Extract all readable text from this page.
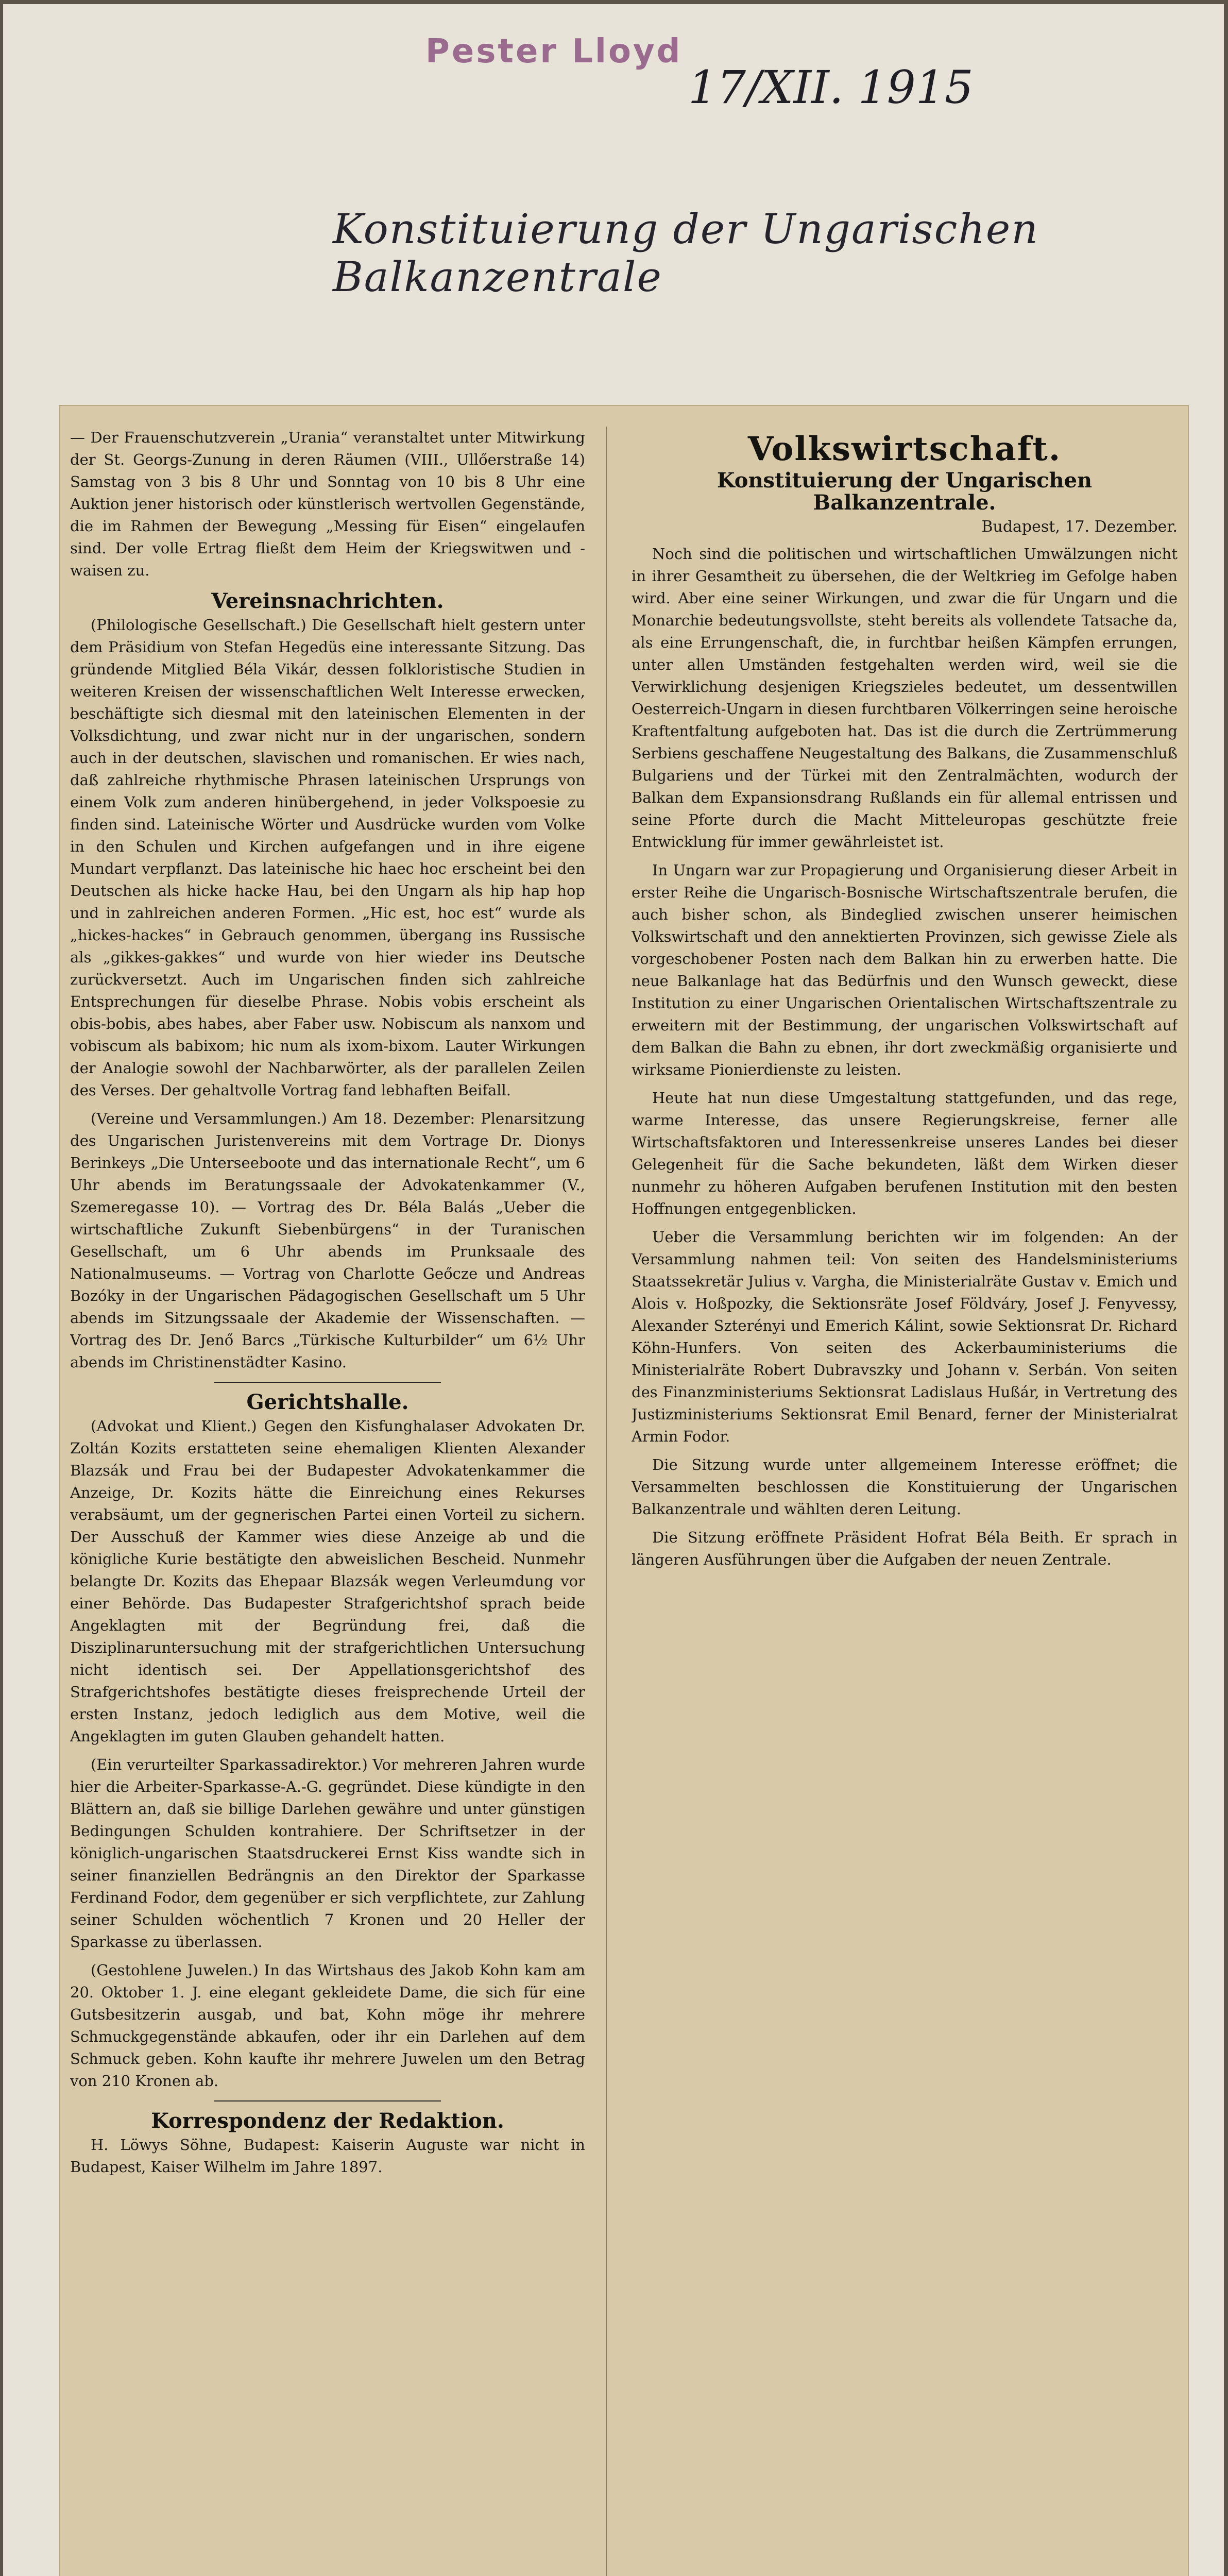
Pester Lloyd
17/XII. 1915
Konstituierung der Ungarischen Balkanzentrale

— Der Frauenschutzverein „Urania“ veranstaltet unter Mitwirkung der St. Georgs-Zunung in deren Räumen (VIII., Ullőerstraße 14) Samstag von 3 bis 8 Uhr und Sonntag von 10 bis 8 Uhr eine Auktion jener historisch oder künstlerisch wertvollen Gegenstände, die im Rahmen der Bewegung „Messing für Eisen“ eingelaufen sind. Der volle Ertrag fließt dem Heim der Kriegswitwen und -waisen zu.

Vereinsnachrichten.

(Philologische Gesellschaft.) Die Gesellschaft hielt gestern unter dem Präsidium von Stefan Hegedüs eine interessante Sitzung. Das gründende Mitglied Béla Vikár, dessen folkloristische Studien in weiteren Kreisen der wissenschaftlichen Welt Interesse erwecken, beschäftigte sich diesmal mit den lateinischen Elementen in der Volksdichtung, und zwar nicht nur in der ungarischen, sondern auch in der deutschen, slavischen und romanischen. Er wies nach, daß zahlreiche rhythmische Phrasen lateinischen Ursprungs von einem Volk zum anderen hinübergehend, in jeder Volkspoesie zu finden sind. Lateinische Wörter und Ausdrücke wurden vom Volke in den Schulen und Kirchen aufgefangen und in ihre eigene Mundart verpflanzt. Das lateinische hic haec hoc erscheint bei den Deutschen als hicke hacke Hau, bei den Ungarn als hip hap hop und in zahlreichen anderen Formen. „Hic est, hoc est“ wurde als „hickes-hackes“ in Gebrauch genommen, übergang ins Russische als „gikkes-gakkes“ und wurde von hier wieder ins Deutsche zurückversetzt. Auch im Ungarischen finden sich zahlreiche Entsprechungen für dieselbe Phrase. Nobis vobis erscheint als obis-bobis, abes habes, aber Faber usw. Nobiscum als nanxom und vobiscum als babixom; hic num als ixom-bixom. Lauter Wirkungen der Analogie sowohl der Nachbarwörter, als der parallelen Zeilen des Verses. Der gehaltvolle Vortrag fand lebhaften Beifall.

(Vereine und Versammlungen.) Am 18. Dezember: Plenarsitzung des Ungarischen Juristenvereins mit dem Vortrage Dr. Dionys Berinkeys „Die Unterseeboote und das internationale Recht“, um 6 Uhr abends im Beratungssaale der Advokatenkammer (V., Szemeregasse 10). — Vortrag des Dr. Béla Balás „Ueber die wirtschaftliche Zukunft Siebenbürgens“ in der Turanischen Gesellschaft, um 6 Uhr abends im Prunksaale des Nationalmuseums. — Vortrag von Charlotte Geőcze und Andreas Bozóky in der Ungarischen Pädagogischen Gesellschaft um 5 Uhr abends im Sitzungssaale der Akademie der Wissenschaften. — Vortrag des Dr. Jenő Barcs „Türkische Kulturbilder“ um 6½ Uhr abends im Christinenstädter Kasino.

Gerichtshalle.

(Advokat und Klient.) Gegen den Kisfunghalaser Advokaten Dr. Zoltán Kozits erstatteten seine ehemaligen Klienten Alexander Blazsák und Frau bei der Budapester Advokatenkammer die Anzeige, Dr. Kozits hätte die Einreichung eines Rekurses verabsäumt, um der gegnerischen Partei einen Vorteil zu sichern. Der Ausschuß der Kammer wies diese Anzeige ab und die königliche Kurie bestätigte den abweislichen Bescheid. Nunmehr belangte Dr. Kozits das Ehepaar Blazsák wegen Verleumdung vor einer Behörde. Das Budapester Strafgerichtshof sprach beide Angeklagten mit der Begründung frei, daß die Disziplinaruntersuchung mit der strafgerichtlichen Untersuchung nicht identisch sei. Der Appellationsgerichtshof des Strafgerichtshofes bestätigte dieses freisprechende Urteil der ersten Instanz, jedoch lediglich aus dem Motive, weil die Angeklagten im guten Glauben gehandelt hatten.

(Ein verurteilter Sparkassadirektor.) Vor mehreren Jahren wurde hier die Arbeiter-Sparkasse-A.-G. gegründet. Diese kündigte in den Blättern an, daß sie billige Darlehen gewähre und unter günstigen Bedingungen Schulden kontrahiere. Der Schriftsetzer in der königlich-ungarischen Staatsdruckerei Ernst Kiss wandte sich in seiner finanziellen Bedrängnis an den Direktor der Sparkasse Ferdinand Fodor, dem gegenüber er sich verpflichtete, zur Zahlung seiner Schulden wöchentlich 7 Kronen und 20 Heller der Sparkasse zu überlassen.

(Gestohlene Juwelen.) In das Wirtshaus des Jakob Kohn kam am 20. Oktober 1. J. eine elegant gekleidete Dame, die sich für eine Gutsbesitzerin ausgab, und bat, Kohn möge ihr mehrere Schmuckgegenstände abkaufen, oder ihr ein Darlehen auf dem Schmuck geben. Kohn kaufte ihr mehrere Juwelen um den Betrag von 210 Kronen ab.

Korrespondenz der Redaktion.

H. Löwys Söhne, Budapest: Kaiserin Auguste war nicht in Budapest, Kaiser Wilhelm im Jahre 1897.

Volkswirtschaft.
Konstituierung der Ungarischen Balkanzentrale.
Budapest, 17. Dezember.

Noch sind die politischen und wirtschaftlichen Umwälzungen nicht in ihrer Gesamtheit zu übersehen, die der Weltkrieg im Gefolge haben wird. Aber eine seiner Wirkungen, und zwar die für Ungarn und die Monarchie bedeutungsvollste, steht bereits als vollendete Tatsache da, als eine Errungenschaft, die, in furchtbar heißen Kämpfen errungen, unter allen Umständen festgehalten werden wird, weil sie die Verwirklichung desjenigen Kriegszieles bedeutet, um dessentwillen Oesterreich-Ungarn in diesen furchtbaren Völkerringen seine heroische Kraftentfaltung aufgeboten hat. Das ist die durch die Zertrümmerung Serbiens geschaffene Neugestaltung des Balkans, die Zusammenschluß Bulgariens und der Türkei mit den Zentralmächten, wodurch der Balkan dem Expansionsdrang Rußlands ein für allemal entrissen und seine Pforte durch die Macht Mitteleuropas geschützte freie Entwicklung für immer gewährleistet ist.

In Ungarn war zur Propagierung und Organisierung dieser Arbeit in erster Reihe die Ungarisch-Bosnische Wirtschaftszentrale berufen, die auch bisher schon, als Bindeglied zwischen unserer heimischen Volkswirtschaft und den annektierten Provinzen, sich gewisse Ziele als vorgeschobener Posten nach dem Balkan hin zu erwerben hatte. Die neue Balkanlage hat das Bedürfnis und den Wunsch geweckt, diese Institution zu einer Ungarischen Orientalischen Wirtschaftszentrale zu erweitern mit der Bestimmung, der ungarischen Volkswirtschaft auf dem Balkan die Bahn zu ebnen, ihr dort zweckmäßig organisierte und wirksame Pionierdienste zu leisten.

Heute hat nun diese Umgestaltung stattgefunden, und das rege, warme Interesse, das unsere Regierungskreise, ferner alle Wirtschaftsfaktoren und Interessenkreise unseres Landes bei dieser Gelegenheit für die Sache bekundeten, läßt dem Wirken dieser nunmehr zu höheren Aufgaben berufenen Institution mit den besten Hoffnungen entgegenblicken.

Ueber die Versammlung berichten wir im folgenden: An der Versammlung nahmen teil: Von seiten des Handelsministeriums Staatssekretär Julius v. Vargha, die Ministerialräte Gustav v. Emich und Alois v. Hoßpozky, die Sektionsräte Josef Földváry, Josef J. Fenyvessy, Alexander Szterényi und Emerich Kálint, sowie Sektionsrat Dr. Richard Köhn-Hunfers. Von seiten des Ackerbauministeriums die Ministerialräte Robert Dubravszky und Johann v. Serbán. Von seiten des Finanzministeriums Sektionsrat Ladislaus Hußár, in Vertretung des Justizministeriums Sektionsrat Emil Benard, ferner der Ministerialrat Armin Fodor.

Die Sitzung wurde unter allgemeinem Interesse eröffnet; die Versammelten beschlossen die Konstituierung der Ungarischen Balkanzentrale und wählten deren Leitung.

Die Sitzung eröffnete Präsident Hofrat Béla Beith. Er sprach in längeren Ausführungen über die Aufgaben der neuen Zentrale.
